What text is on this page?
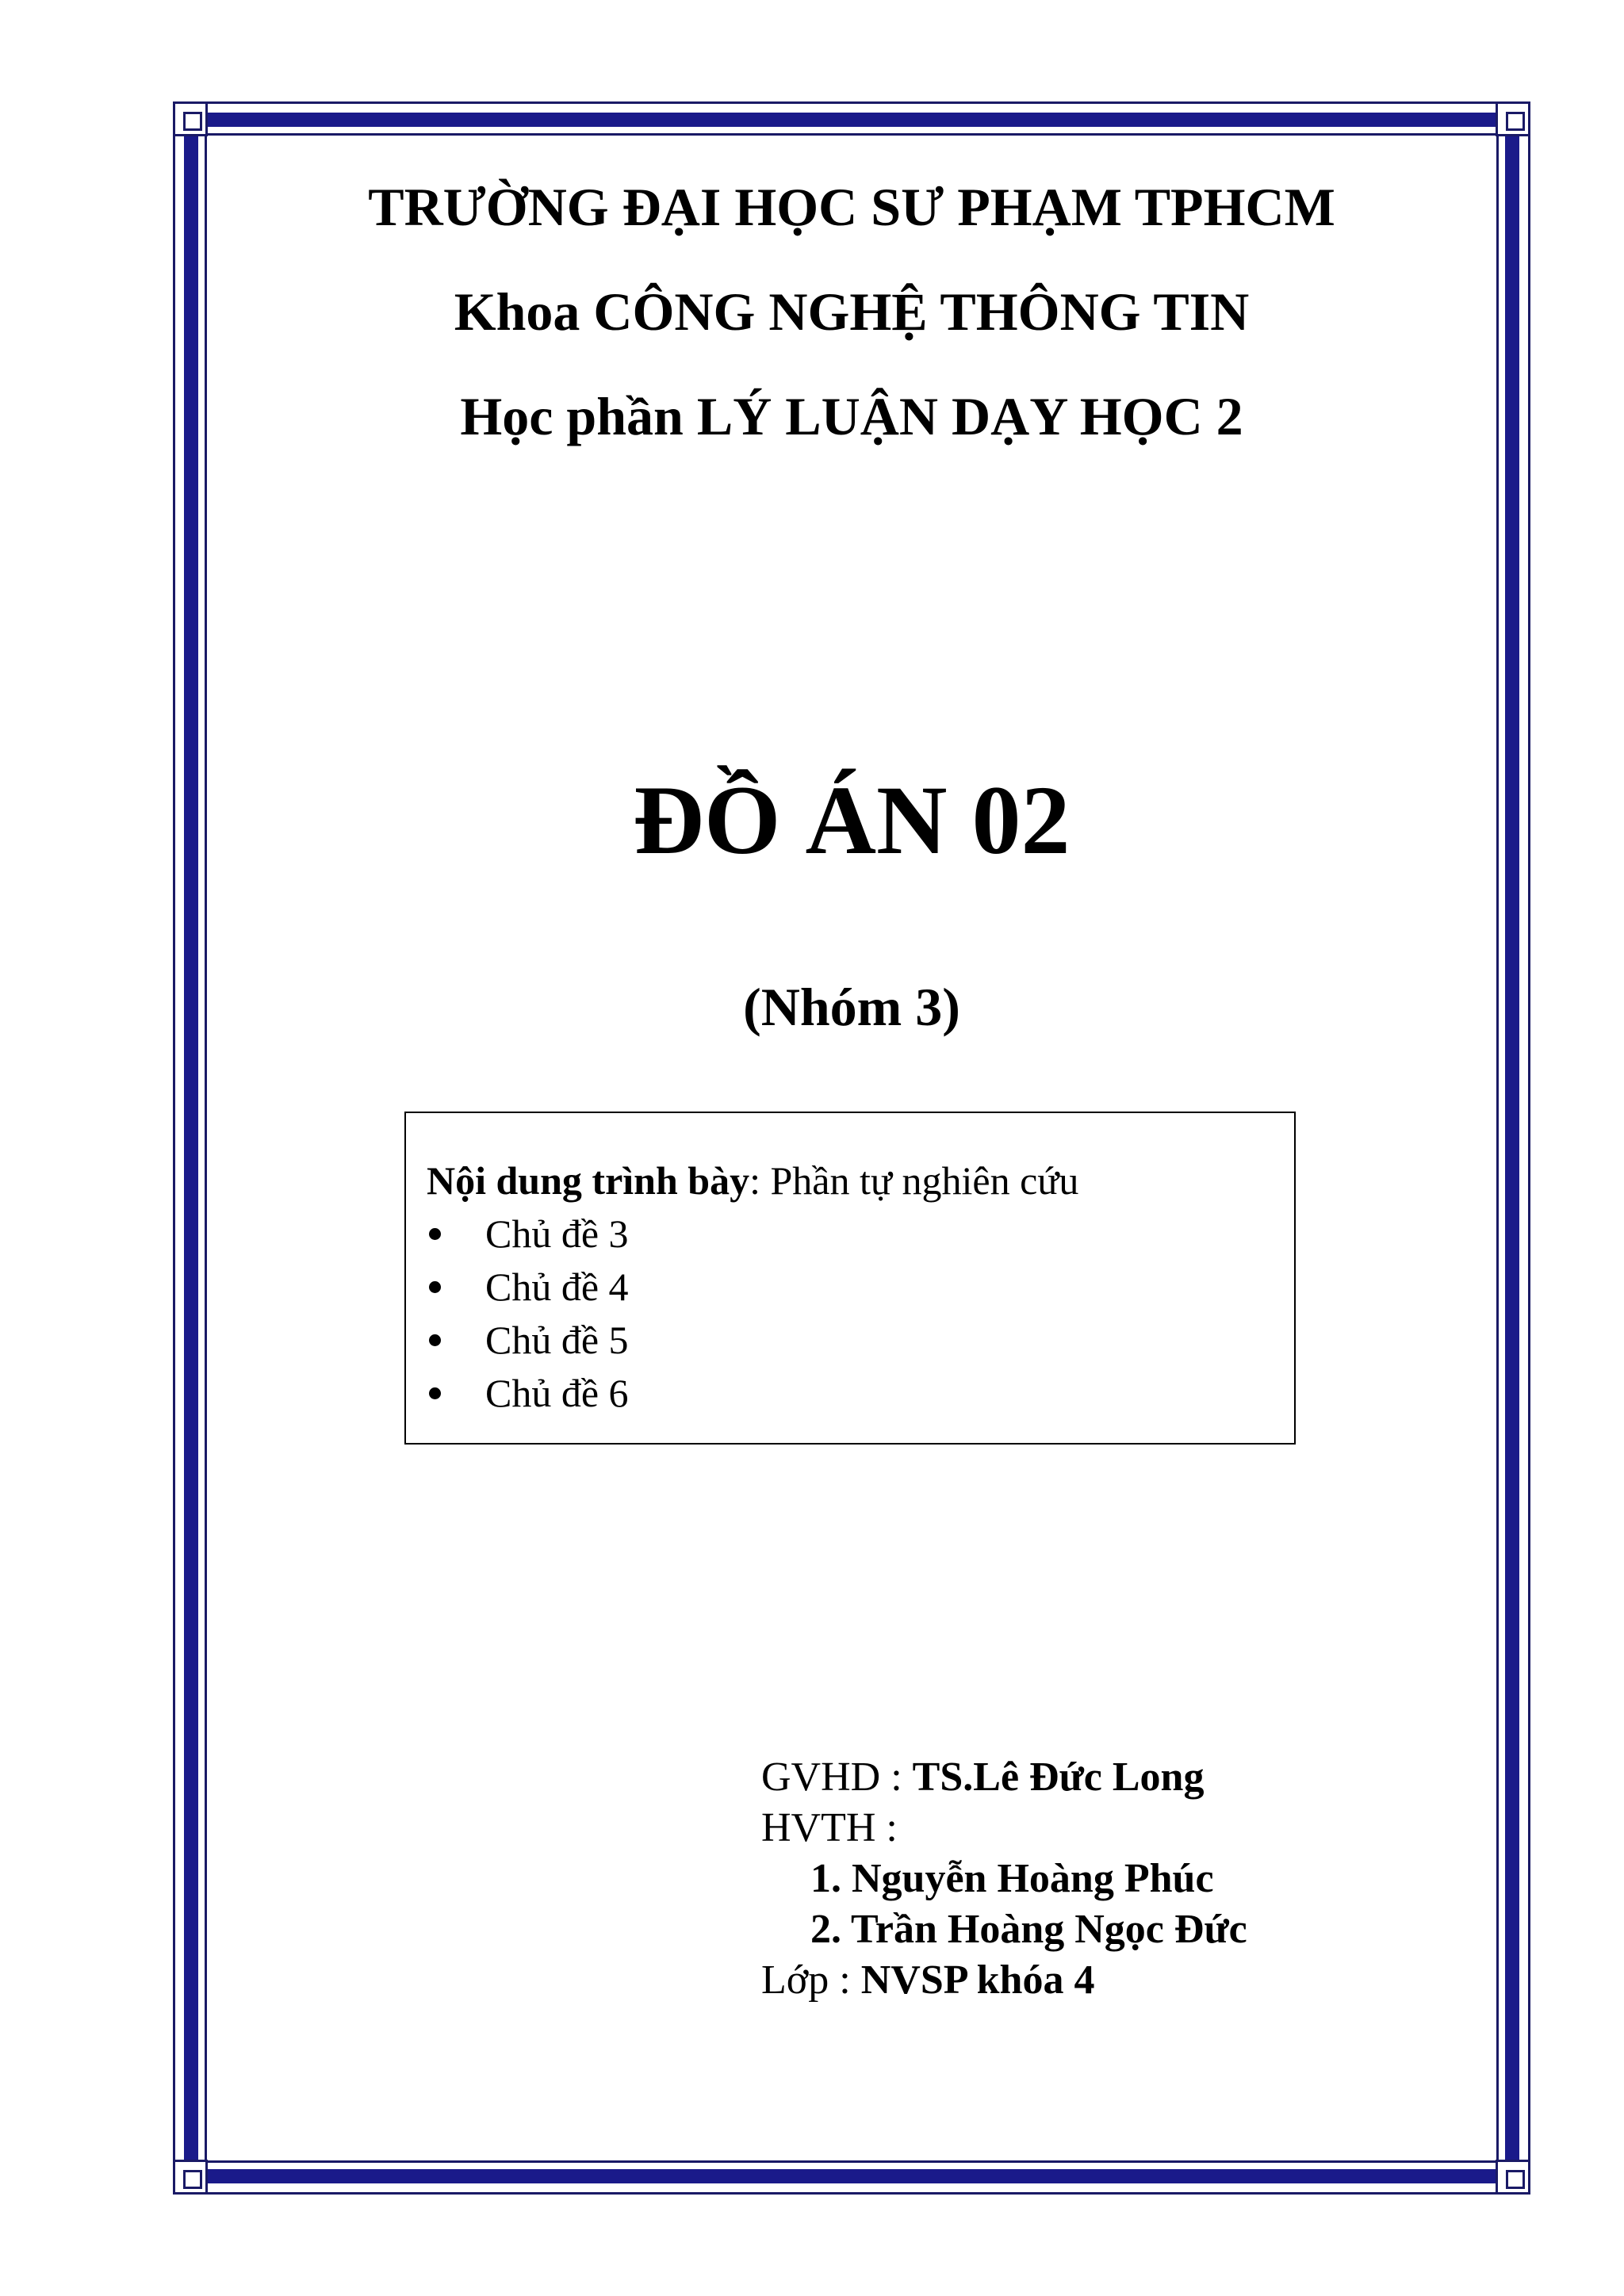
TRƯỜNG ĐẠI HỌC SƯ PHẠM TPHCM
Khoa CÔNG NGHỆ THÔNG TIN
Học phần LÝ LUẬN DẠY HỌC 2
ĐỒ ÁN 02
(Nhóm 3)
Nội dung trình bày: Phần tự nghiên cứu
Chủ đề 3
Chủ đề 4
Chủ đề 5
Chủ đề 6
GVHD : TS.Lê Đức Long
HVTH :
1. Nguyễn Hoàng Phúc
2. Trần Hoàng Ngọc Đức
Lớp : NVSP khóa 4
